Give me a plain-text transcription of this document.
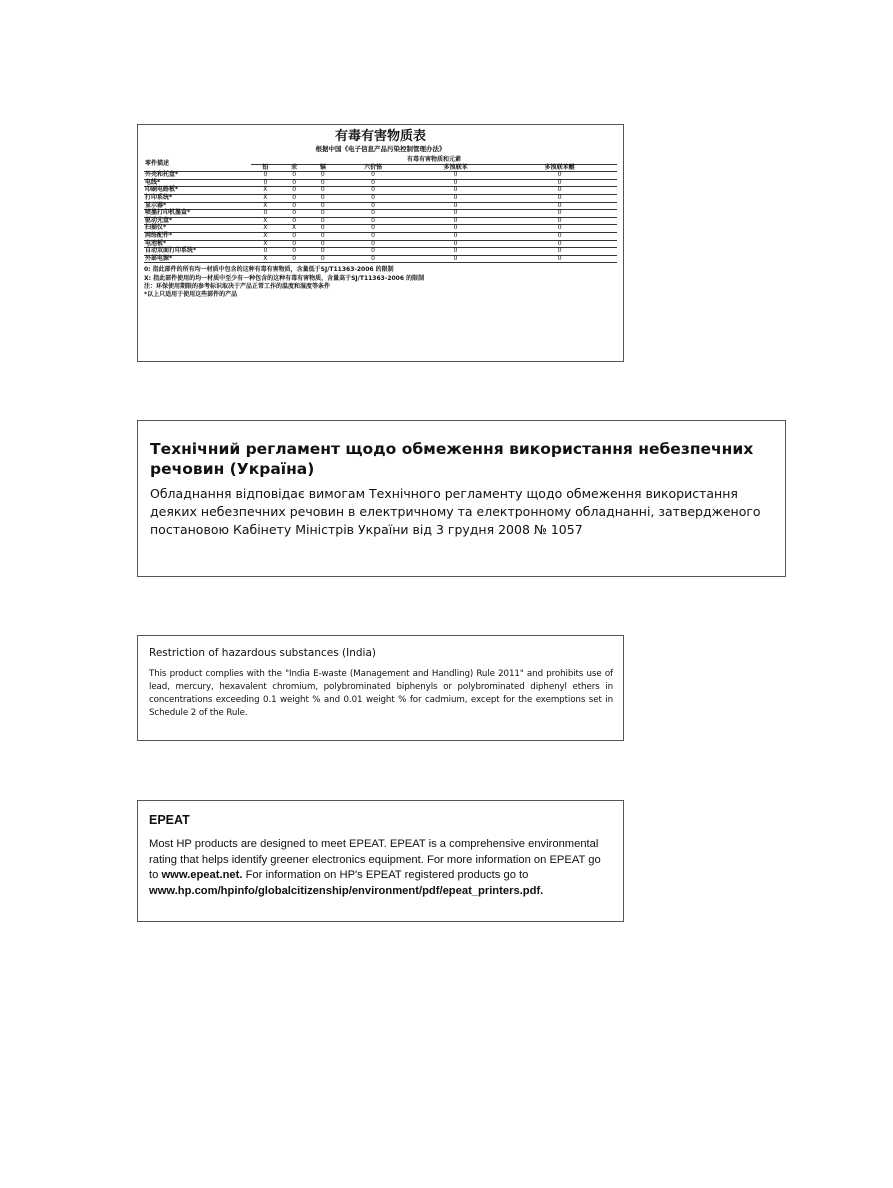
有毒有害物质表
根据中国《电子信息产品污染控制管理办法》
零件描述	有毒有害物质和元素					
	铅	汞	镉	六价铬	多溴联苯	多溴联苯醚
外壳和托盘*	0	0	0	0	0	0
电线*	0	0	0	0	0	0
印刷电路板*	X	0	0	0	0	0
打印系统*	X	0	0	0	0	0
显示器*	X	0	0	0	0	0
喷墨打印机墨盒*	0	0	0	0	0	0
驱动光盘*	X	0	0	0	0	0
扫描仪*	X	X	0	0	0	0
网络配件*	X	0	0	0	0	0
电池板*	X	0	0	0	0	0
自动双面打印系统*	0	0	0	0	0	0
外部电源*	X	0	0	0	0	0
0: 指此部件的所有均一材质中包含的这种有毒有害物质，含量低于SJ/T11363-2006 的限制
X: 指此部件使用的均一材质中至少有一种包含的这种有毒有害物质，含量高于SJ/T11363-2006 的限制
注：环保使用期限的参考标识取决于产品正常工作的温度和湿度等条件
*以上只适用于使用这些部件的产品

Технічний регламент щодо обмеження використання небезпечних речовин (Україна)

Обладнання відповідає вимогам Технічного регламенту щодо обмеження використання деяких небезпечних речовин в електричному та електронному обладнанні, затвердженого постановою Кабінету Міністрів України від 3 грудня 2008 № 1057

Restriction of hazardous substances (India)

This product complies with the "India E-waste (Management and Handling) Rule 2011" and prohibits use of lead, mercury, hexavalent chromium, polybrominated biphenyls or polybrominated diphenyl ethers in concentrations exceeding 0.1 weight % and 0.01 weight % for cadmium, except for the exemptions set in Schedule 2 of the Rule.

EPEAT

Most HP products are designed to meet EPEAT. EPEAT is a comprehensive environmental rating that helps identify greener electronics equipment. For more information on EPEAT go to www.epeat.net. For information on HP's EPEAT registered products go to
www.hp.com/hpinfo/globalcitizenship/environment/pdf/epeat_printers.pdf.
